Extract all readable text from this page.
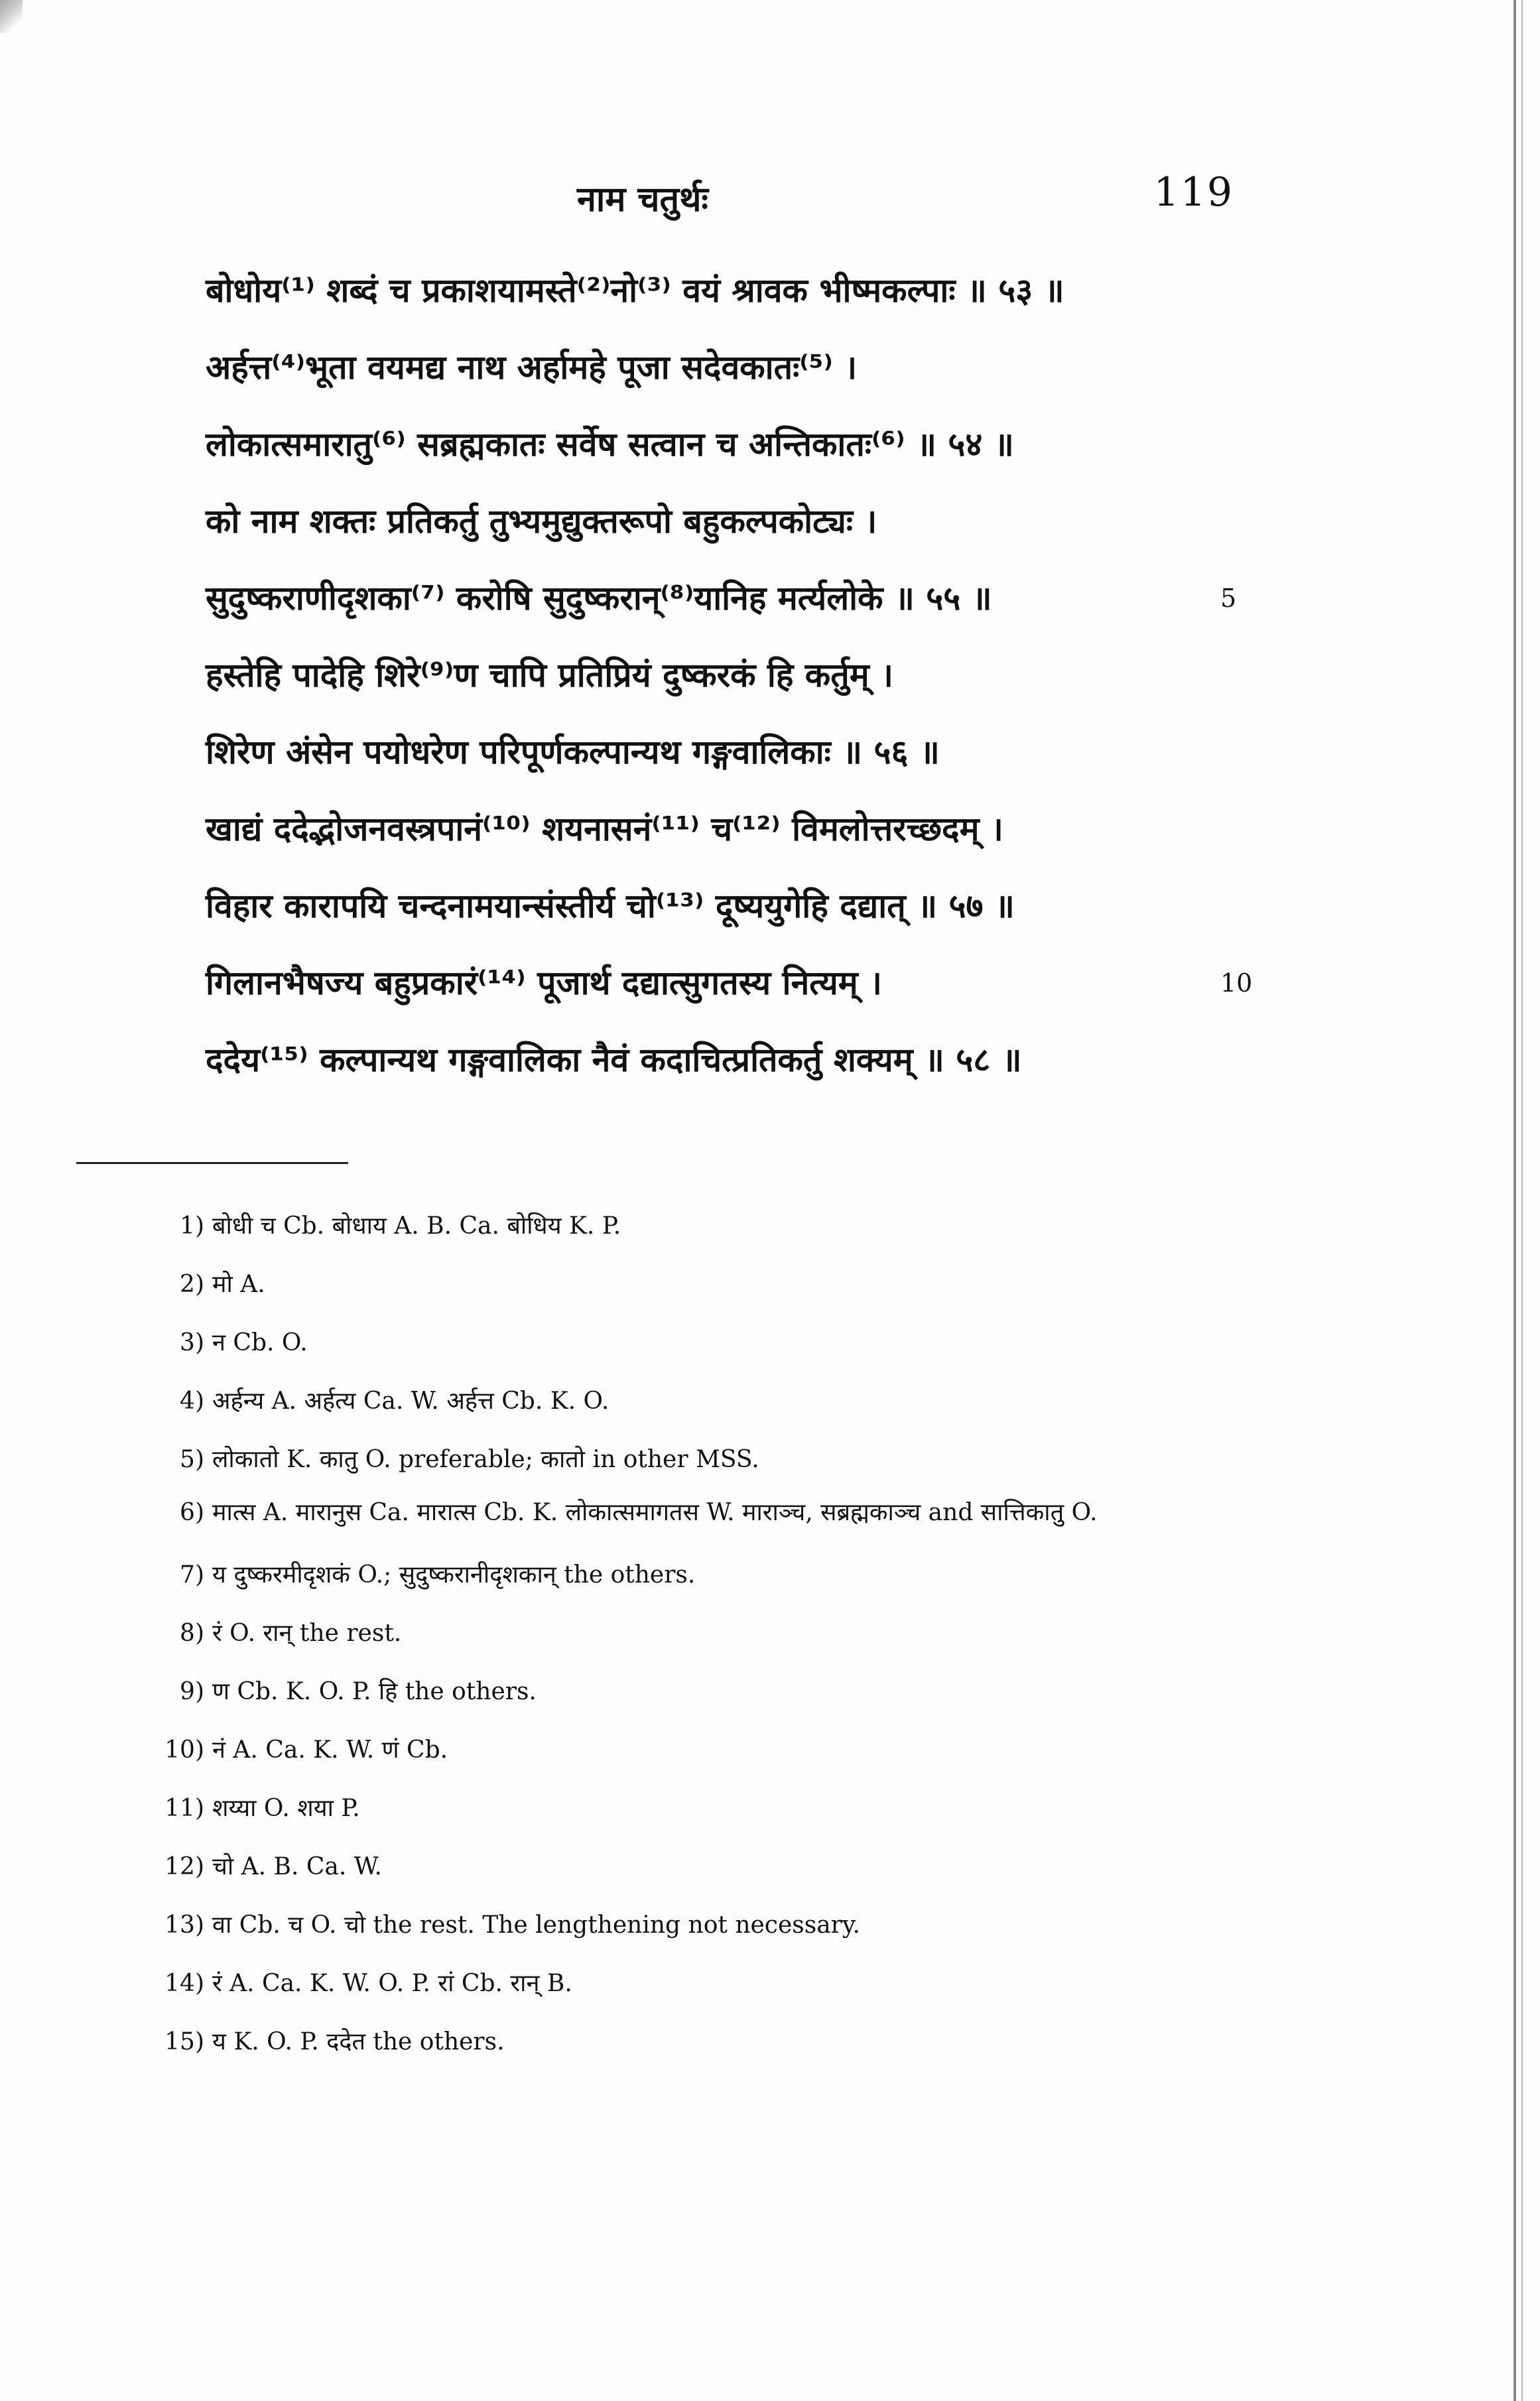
नाम चतुर्थः	119
बोधोय⁽¹⁾ शब्दं च प्रकाशयामस्ते⁽²⁾नो⁽³⁾ वयं श्रावक भीष्मकल्पाः ॥ ५३ ॥
अर्हत्त⁽⁴⁾भूता वयमद्य नाथ अर्हामहे पूजा सदेवकातः⁽⁵⁾ ।
लोकात्समारातु⁽⁶⁾ सब्रह्मकातः सर्वेष सत्वान च अन्तिकातः⁽⁶⁾ ॥ ५४ ॥
को नाम शक्तः प्रतिकर्तु तुभ्यमुद्युक्तरूपो बहुकल्पकोट्यः ।
सुदुष्कराणीदृशका⁽⁷⁾ करोषि सुदुष्करान्⁽⁸⁾यानिह मर्त्यलोके ॥ ५५ ॥	5
हस्तेहि पादेहि शिरे⁽⁹⁾ण चापि प्रतिप्रियं दुष्करकं हि कर्तुम् ।
शिरेण अंसेन पयोधरेण परिपूर्णकल्पान्यथ गङ्गवालिकाः ॥ ५६ ॥
खाद्यं ददेद्भोजनवस्त्रपानं⁽¹⁰⁾ शयनासनं⁽¹¹⁾ च⁽¹²⁾ विमलोत्तरच्छदम् ।
विहार कारापयि चन्दनामयान्संस्तीर्य चो⁽¹³⁾ दूष्ययुगेहि दद्यात् ॥ ५७ ॥
गिलानभैषज्य बहुप्रकारं⁽¹⁴⁾ पूजार्थ दद्यात्सुगतस्य नित्यम् ।	10
ददेय⁽¹⁵⁾ कल्पान्यथ गङ्गवालिका नैवं कदाचित्प्रतिकर्तु शक्यम् ॥ ५८ ॥
1) बोधी च Cb. बोधाय A. B. Ca. बोधिय K. P.
2) मो A.
3) न Cb. O.
4) अर्हन्य A. अर्हत्य Ca. W. अर्हत्त Cb. K. O.
5) लोकातो K. कातु O. preferable; कातो in other MSS.
6) मात्स A. मारानुस Ca. मारात्स Cb. K. लोकात्समागतस W. माराञ्च, सब्रह्मकाञ्च and सात्तिकातु O.
7) य दुष्करमीदृशकं O.; सुदुष्करानीदृशकान् the others.
8) रं O. रान् the rest.
9) ण Cb. K. O. P. हि the others.
10) नं A. Ca. K. W. णं Cb.
11) शय्या O. शया P.
12) चो A. B. Ca. W.
13) वा Cb. च O. चो the rest. The lengthening not necessary.
14) रं A. Ca. K. W. O. P. रां Cb. रान् B.
15) य K. O. P. ददेत the others.
